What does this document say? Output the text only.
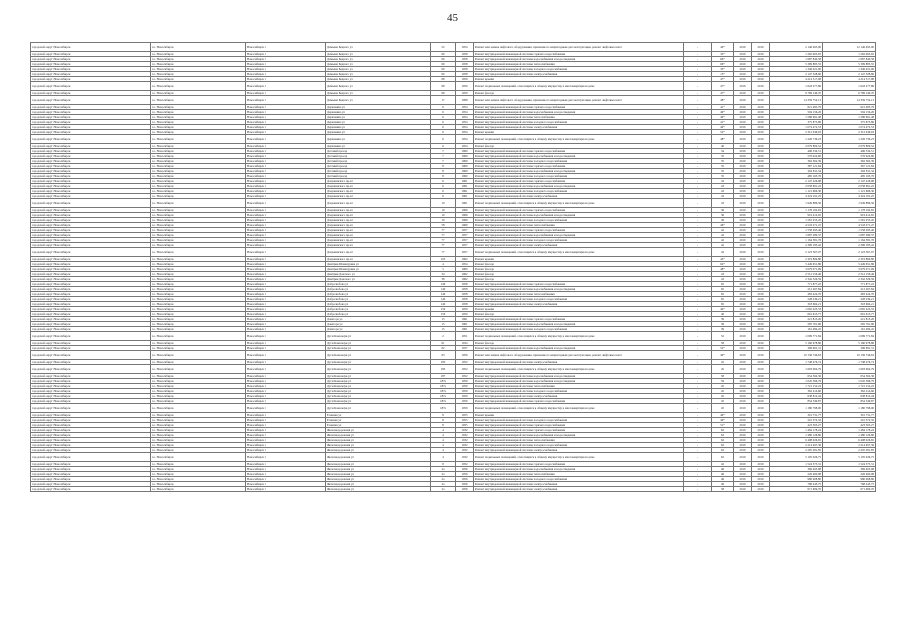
45
городской округ Новосибирск	г.о. Новосибирск	Новосибирск г	Демьяна Бедного ул	52	1954	Ремонт или замена лифтового оборудования, признанного непригодным для эксплуатации, ремонт лифтовых шахт	-	40*	2019	2019	2 146 495,00	12 146 495,00
городской округ Новосибирск	г.о. Новосибирск	Новосибирск г	Демьяна Бедного ул	60	1958	Ремонт внутридомовой инженерной системы горячего водоснабжения	-	33*	2019	2019	1 262 963,65	1 262 963,65
городской округ Новосибирск	г.о. Новосибирск	Новосибирск г	Демьяна Бедного ул	60	1958	Ремонт внутридомовой инженерной системы водоснабжения и водоотведения	-	66*	2019	2019	1 687 840,58	1 687 840,58
городской округ Новосибирск	г.о. Новосибирск	Новосибирск г	Демьяна Бедного ул	60	1958	Ремонт внутридомовой инженерной системы теплоснабжения	-	66*	2019	2019	5 399 885,55	5 399 885,55
городской округ Новосибирск	г.о. Новосибирск	Новосибирск г	Демьяна Бедного ул	60	1958	Ремонт внутридомовой инженерной системы холодного водоснабжения	-	33*	2019	2019	1 346 021,00	1 346 021,00
городской округ Новосибирск	г.о. Новосибирск	Новосибирск г	Демьяна Бедного ул	60	1958	Ремонт внутридомовой инженерной системы электроснабжения	-	15*	2019	2019	2 147 328,60	2 147 328,60
городской округ Новосибирск	г.о. Новосибирск	Новосибирск г	Демьяна Бедного ул	68	1959	Ремонт крыши	-	47*	2019	2019	4 214 517,08	4 214 517,08
городской округ Новосибирск	г.о. Новосибирск	Новосибирск г	Демьяна Бедного ул	68	1959	Ремонт подвальных помещений, относящихся к общему имуществу в многоквартирном доме	-	47*	2019	2019	1 643 277,86	1 643 277,86
городской округ Новосибирск	г.о. Новосибирск	Новосибирск г	Демьяна Бедного ул	68	1959	Ремонт фасада	-	47*	2019	2019	6 769 149,70	6 769 149,70
городской округ Новосибирск	г.о. Новосибирск	Новосибирск г	Демьяна Бедного ул	17	1998	Ремонт или замена лифтового оборудования, признанного непригодным для эксплуатации, ремонт лифтовых шахт	-	48*	2019	2019	14 359 754,13	14 359 754,13
городской округ Новосибирск	г.о. Новосибирск	Новосибирск г	Державина ул	6	1954	Ремонт внутридомовой инженерной системы горячего водоснабжения	-	41*	2019	2019	621 485,79	621 485,79
городской округ Новосибирск	г.о. Новосибирск	Новосибирск г	Державина ул	6	1954	Ремонт внутридомовой инженерной системы водоснабжения и водоотведения	-	49*	2019	2019	594 156,26	594 156,26
городской округ Новосибирск	г.о. Новосибирск	Новосибирск г	Державина ул	6	1954	Ремонт внутридомовой инженерной системы теплоснабжения	-	49*	2019	2019	1 586 691,48	1 586 691,48
городской округ Новосибирск	г.о. Новосибирск	Новосибирск г	Державина ул	6	1954	Ремонт внутридомовой инженерной системы холодного водоснабжения	-	41*	2019	2019	375 875,86	375 875,86
городской округ Новосибирск	г.о. Новосибирск	Новосибирск г	Державина ул	6	1954	Ремонт внутридомовой инженерной системы электроснабжения	-	49*	2019	2019	1 074 472,53	1 074 472,53
городской округ Новосибирск	г.о. Новосибирск	Новосибирск г	Державина ул	6	1954	Ремонт крыши	-	52*	2019	2019	2 312 046,93	2 312 046,93
городской округ Новосибирск	г.о. Новосибирск	Новосибирск г	Державина ул	6	1954	Ремонт подвальных помещений, относящихся к общему имуществу в многоквартирном доме	-	48*	2019	2019	1 226 736,23	1 226 736,23
городской округ Новосибирск	г.о. Новосибирск	Новосибирск г	Державина ул	6	1954	Ремонт фасада	-	40	2019	2019	2 079 809,52	2 079 809,52
городской округ Новосибирск	г.о. Новосибирск	Новосибирск г	Детский проезд	7	1960	Ремонт внутридомовой инженерной системы горячего водоснабжения	-	34	2019	2019	496 334,51	496 334,51
городской округ Новосибирск	г.о. Новосибирск	Новосибирск г	Детский проезд	7	1960	Ремонт внутридомовой инженерной системы водоснабжения и водоотведения	-	35	2019	2019	576 924,60	576 924,60
городской округ Новосибирск	г.о. Новосибирск	Новосибирск г	Детский проезд	7	1960	Ремонт внутридомовой инженерной системы холодного водоснабжения	-	35	2019	2019	362 362,39	362 362,39
городской округ Новосибирск	г.о. Новосибирск	Новосибирск г	Детский проезд	8	1960	Ремонт внутридомовой инженерной системы горячего водоснабжения	-	35	2019	2019	367 121,84	367 121,84
городской округ Новосибирск	г.о. Новосибирск	Новосибирск г	Детский проезд	8	1960	Ремонт внутридомовой инженерной системы водоснабжения и водоотведения	-	35	2019	2019	262 811,34	262 811,34
городской округ Новосибирск	г.о. Новосибирск	Новосибирск г	Детский проезд	8	1960	Ремонт внутридомовой инженерной системы холодного водоснабжения	-	35	2019	2019	485 163,76	485 163,76
городской округ Новосибирск	г.о. Новосибирск	Новосибирск г	Дзержинского пр-кт	6	1961	Ремонт внутридомовой инженерной системы горячего водоснабжения	-	43	2019	2019	2 147 226,98	2 147 226,98
городской округ Новосибирск	г.о. Новосибирск	Новосибирск г	Дзержинского пр-кт	6	1961	Ремонт внутридомовой инженерной системы водоснабжения и водоотведения	-	43	2019	2019	2 058 691,22	2 058 691,22
городской округ Новосибирск	г.о. Новосибирск	Новосибирск г	Дзержинского пр-кт	6	1961	Ремонт внутридомовой инженерной системы холодного водоснабжения	-	43	2019	2019	1 121 666,30	1 121 666,30
городской округ Новосибирск	г.о. Новосибирск	Новосибирск г	Дзержинского пр-кт	6	1961	Ремонт внутридомовой инженерной системы электроснабжения	-	43	2019	2019	4 324 191,25	4 324 191,25
городской округ Новосибирск	г.о. Новосибирск	Новосибирск г	Дзержинского пр-кт	10	1961	Ремонт подвальных помещений, относящихся к общему имуществу в многоквартирном доме	-	43	2019	2019	1 949 886,56	1 949 886,56
городской округ Новосибирск	г.о. Новосибирск	Новосибирск г	Дзержинского пр-кт	10	1966	Ремонт внутридомовой инженерной системы горячего водоснабжения	-	36	2019	2019	1 178 192,65	1 178 192,65
городской округ Новосибирск	г.о. Новосибирск	Новосибирск г	Дзержинского пр-кт	10	1966	Ремонт внутридомовой инженерной системы водоснабжения и водоотведения	-	36	2019	2019	919 412,65	919 412,65
городской округ Новосибирск	г.о. Новосибирск	Новосибирск г	Дзержинского пр-кт	10	1966	Ремонт внутридомовой инженерной системы холодного водоснабжения	-	36	2019	2019	1 581 253,45	1 581 253,45
городской округ Новосибирск	г.о. Новосибирск	Новосибирск г	Дзержинского пр-кт	58	1969	Ремонт внутридомовой инженерной системы теплоснабжения	-	46*	2019	2019	4 543 271,47	4 543 271,47
городской округ Новосибирск	г.о. Новосибирск	Новосибирск г	Дзержинского пр-кт	77	1957	Ремонт внутридомовой инженерной системы горячего водоснабжения	-	42	2019	2019	1 558 293,40	1 558 293,40
городской округ Новосибирск	г.о. Новосибирск	Новосибирск г	Дзержинского пр-кт	77	1957	Ремонт внутридомовой инженерной системы водоснабжения и водоотведения	-	42	2019	2019	1 687 280,37	1 687 280,37
городской округ Новосибирск	г.о. Новосибирск	Новосибирск г	Дзержинского пр-кт	77	1957	Ремонт внутридомовой инженерной системы холодного водоснабжения	-	42	2019	2019	1 164 381,76	1 164 381,76
городской округ Новосибирск	г.о. Новосибирск	Новосибирск г	Дзержинского пр-кт	77	1957	Ремонт внутридомовой инженерной системы электроснабжения	-	42	2019	2019	2 396 183,42	2 396 183,42
городской округ Новосибирск	г.о. Новосибирск	Новосибирск г	Дзержинского пр-кт	77	1957	Ремонт подвальных помещений, относящихся к общему имуществу в многоквартирном доме	-	42	2019	2019	2 123 567,07	2 123 567,07
городской округ Новосибирск	г.о. Новосибирск	Новосибирск г	Дзержинского пр-кт	103	1962	Ремонт крыши	-	43*	2019	2019	2 319 809,80	2 319 809,80
городской округ Новосибирск	г.о. Новосибирск	Новосибирск г	Дмитрия Шамшурина ул	4	1954	Ремонт фасада	-	64*	2019	2019	5 449 651,86	5 449 651,86
городской округ Новосибирск	г.о. Новосибирск	Новосибирск г	Дмитрия Шамшурина ул	5	1960	Ремонт фасада	-	48*	2019	2019	3 679 071,99	3 679 071,99
городской округ Новосибирск	г.о. Новосибирск	Новосибирск г	Дмитрия Донского ул	34	1962	Ремонт фасада	-	43	2019	2019	2 512 156,46	2 512 156,46
городской округ Новосибирск	г.о. Новосибирск	Новосибирск г	Дмитрия Донского ул	38	1962	Ремонт фасада	-	43	2019	2019	2 342 326,59	2 342 326,59
городской округ Новосибирск	г.о. Новосибирск	Новосибирск г	Добролюбова ул	140	1958	Ремонт внутридомовой инженерной системы горячего водоснабжения	-	65	2019	2019	771 877,22	771 877,22
городской округ Новосибирск	г.о. Новосибирск	Новосибирск г	Добролюбова ул	140	1958	Ремонт внутридомовой инженерной системы водоснабжения и водоотведения	-	65	2019	2019	212 267,84	212 267,84
городской округ Новосибирск	г.о. Новосибирск	Новосибирск г	Добролюбова ул	140	1958	Ремонт внутридомовой инженерной системы теплоснабжения	-	65	2019	2019	483 424,70	483 424,70
городской округ Новосибирск	г.о. Новосибирск	Новосибирск г	Добролюбова ул	140	1958	Ремонт внутридомовой инженерной системы холодного водоснабжения	-	65	2019	2019	228 239,21	228 239,21
городской округ Новосибирск	г.о. Новосибирск	Новосибирск г	Добролюбова ул	140	1958	Ремонт внутридомовой инженерной системы электроснабжения	-	65	2019	2019	318 662,21	318 662,21
городской округ Новосибирск	г.о. Новосибирск	Новосибирск г	Добролюбова ул	150	1950	Ремонт крыши	-	40*	2019	2019	1 065 423,33	1 065 423,33
городской округ Новосибирск	г.о. Новосибирск	Новосибирск г	Добролюбова ул	150	1950	Ремонт фасада	-	40	2019	2019	691 613,77	691 613,77
городской округ Новосибирск	г.о. Новосибирск	Новосибирск г	Доватора ул	15	1961	Ремонт внутридомовой инженерной системы горячего водоснабжения	-	39	2019	2019	221 815,20	221 815,20
городской округ Новосибирск	г.о. Новосибирск	Новосибирск г	Доватора ул	15	1961	Ремонт внутридомовой инженерной системы водоснабжения и водоотведения	-	39	2019	2019	295 761,96	295 761,96
городской округ Новосибирск	г.о. Новосибирск	Новосибирск г	Доватора ул	15	1961	Ремонт внутридомовой инженерной системы холодного водоснабжения	-	39	2019	2019	161 484,45	161 484,45
городской округ Новосибирск	г.о. Новосибирск	Новосибирск г	Дуси Ковальчук ул	2	1951	Ремонт подвальных помещений, относящихся к общему имуществу в многоквартирном доме	-	52	2019	2019	1 099 771,84	1 099 771,84
городской округ Новосибирск	г.о. Новосибирск	Новосибирск г	Дуси Ковальчук ул	61	1934	Ремонт фасада	-	58	2019	2019	5 160 978,86	5 160 978,86
городской округ Новосибирск	г.о. Новосибирск	Новосибирск г	Дуси Ковальчук ул	62	1937	Ремонт внутридомовой инженерной системы водоснабжения и водоотведения	-	52*	2019	2019	396 691,31	396 691,31
городской округ Новосибирск	г.о. Новосибирск	Новосибирск г	Дуси Ковальчук ул	63	1956	Ремонт или замена лифтового оборудования, признанного непригодным для эксплуатации, ремонт лифтовых шахт	-	49*	2019	2019	10 136 746,63	10 136 746,63
городской округ Новосибирск	г.о. Новосибирск	Новосибирск г	Дуси Ковальчук ул	183	1952	Ремонт внутридомовой инженерной системы электроснабжения	-	45	2019	2019	1 748 476,74	1 748 476,74
городской округ Новосибирск	г.о. Новосибирск	Новосибирск г	Дуси Ковальчук ул	183	1952	Ремонт подвальных помещений, относящихся к общему имуществу в многоквартирном доме	-	45	2019	2019	1 693 064,79	1 693 064,79
городской округ Новосибирск	г.о. Новосибирск	Новосибирск г	Дуси Ковальчук ул	187	1952	Ремонт внутридомовой инженерной системы водоснабжения и водоотведения	-	58	2019	2019	654 362,36	654 362,36
городской округ Новосибирск	г.о. Новосибирск	Новосибирск г	Дуси Ковальчук ул	187а	1959	Ремонт внутридомовой инженерной системы водоснабжения и водоотведения	-	59	2019	2019	1 045 396,79	1 045 396,79
городской округ Новосибирск	г.о. Новосибирск	Новосибирск г	Дуси Ковальчук ул	187а	1959	Ремонт внутридомовой инженерной системы теплоснабжения	-	45	2019	2019	1 721 152,22	1 721 152,22
городской округ Новосибирск	г.о. Новосибирск	Новосибирск г	Дуси Ковальчук ул	187а	1959	Ремонт внутридомовой инженерной системы холодного водоснабжения	-	45	2019	2019	362 214,60	362 214,60
городской округ Новосибирск	г.о. Новосибирск	Новосибирск г	Дуси Ковальчук ул	187а	1959	Ремонт внутридомовой инженерной системы электроснабжения	-	45	2019	2019	638 812,44	638 812,44
городской округ Новосибирск	г.о. Новосибирск	Новосибирск г	Дуси Ковальчук ул	187а	1959	Ремонт внутридомовой инженерной системы горячего водоснабжения	-	45	2019	2019	854 549,87	854 549,87
городской округ Новосибирск	г.о. Новосибирск	Новосибирск г	Дуси Ковальчук ул	187а	1959	Ремонт подвальных помещений, относящихся к общему имуществу в многоквартирном доме	-	45	2019	2019	1 180 798,00	1 180 798,00
городской округ Новосибирск	г.о. Новосибирск	Новосибирск г	Есенина ул	8	1955	Ремонт крыши	-	49*	2019	2019	301 731,77	301 731,77
городской округ Новосибирск	г.о. Новосибирск	Новосибирск г	Есенина ул	8	1955	Ремонт внутридомовой инженерной системы холодного водоснабжения	-	49*	2019	2019	210 372,32	210 372,32
городской округ Новосибирск	г.о. Новосибирск	Новосибирск г	Есенина ул	8	1955	Ремонт внутридомовой инженерной системы горячего водоснабжения	-	51*	2019	2019	423 505,27	423 505,27
городской округ Новосибирск	г.о. Новосибирск	Новосибирск г	Железнодорожная ул	4	1932	Ремонт внутридомовой инженерной системы горячего водоснабжения	-	62	2019	2019	1 484 178,24	1 484 178,24
городской округ Новосибирск	г.о. Новосибирск	Новосибирск г	Железнодорожная ул	4	1932	Ремонт внутридомовой инженерной системы водоснабжения и водоотведения	-	62	2019	2019	1 480 126,80	1 480 126,80
городской округ Новосибирск	г.о. Новосибирск	Новосибирск г	Железнодорожная ул	4	1932	Ремонт внутридомовой инженерной системы теплоснабжения	-	62	2019	2019	6 498 026,65	6 498 026,65
городской округ Новосибирск	г.о. Новосибирск	Новосибирск г	Железнодорожная ул	4	1932	Ремонт внутридомовой инженерной системы холодного водоснабжения	-	62	2019	2019	2 214 497,36	2 214 497,36
городской округ Новосибирск	г.о. Новосибирск	Новосибирск г	Железнодорожная ул	4	1932	Ремонт внутридомовой инженерной системы электроснабжения	-	62	2019	2019	2 205 281,85	2 205 281,85
городской округ Новосибирск	г.о. Новосибирск	Новосибирск г	Железнодорожная ул	4	1932	Ремонт подвальных помещений, относящихся к общему имуществу в многоквартирном доме	-	62	2019	2019	5 105 026,75	5 105 026,75
городской округ Новосибирск	г.о. Новосибирск	Новосибирск г	Железнодорожная ул	8	1952	Ремонт внутридомовой инженерной системы горячего водоснабжения	-	42	2019	2019	1 524 575,31	1 524 575,31
городской округ Новосибирск	г.о. Новосибирск	Новосибирск г	Железнодорожная ул	2а	1956	Ремонт внутридомовой инженерной системы водоснабжения и водоотведения	-	46	2019	2019	369 405,98	369 405,98
городской округ Новосибирск	г.о. Новосибирск	Новосибирск г	Железнодорожная ул	2а	1956	Ремонт внутридомовой инженерной системы теплоснабжения	-	46	2019	2019	226 460,08	226 460,08
городской округ Новосибирск	г.о. Новосибирск	Новосибирск г	Железнодорожная ул	2а	1956	Ремонт внутридомовой инженерной системы холодного водоснабжения	-	46	2019	2019	980 908,80	980 908,80
городской округ Новосибирск	г.о. Новосибирск	Новосибирск г	Железнодорожная ул	2а	1956	Ремонт внутридомовой инженерной системы электроснабжения	-	46	2019	2019	768 243,75	768 243,75
городской округ Новосибирск	г.о. Новосибирск	Новосибирск г	Железнодорожная ул	2а	1956	Ремонт внутридомовой инженерной системы электроснабжения	-	58	2019	2019	671 609,70	671 609,70
